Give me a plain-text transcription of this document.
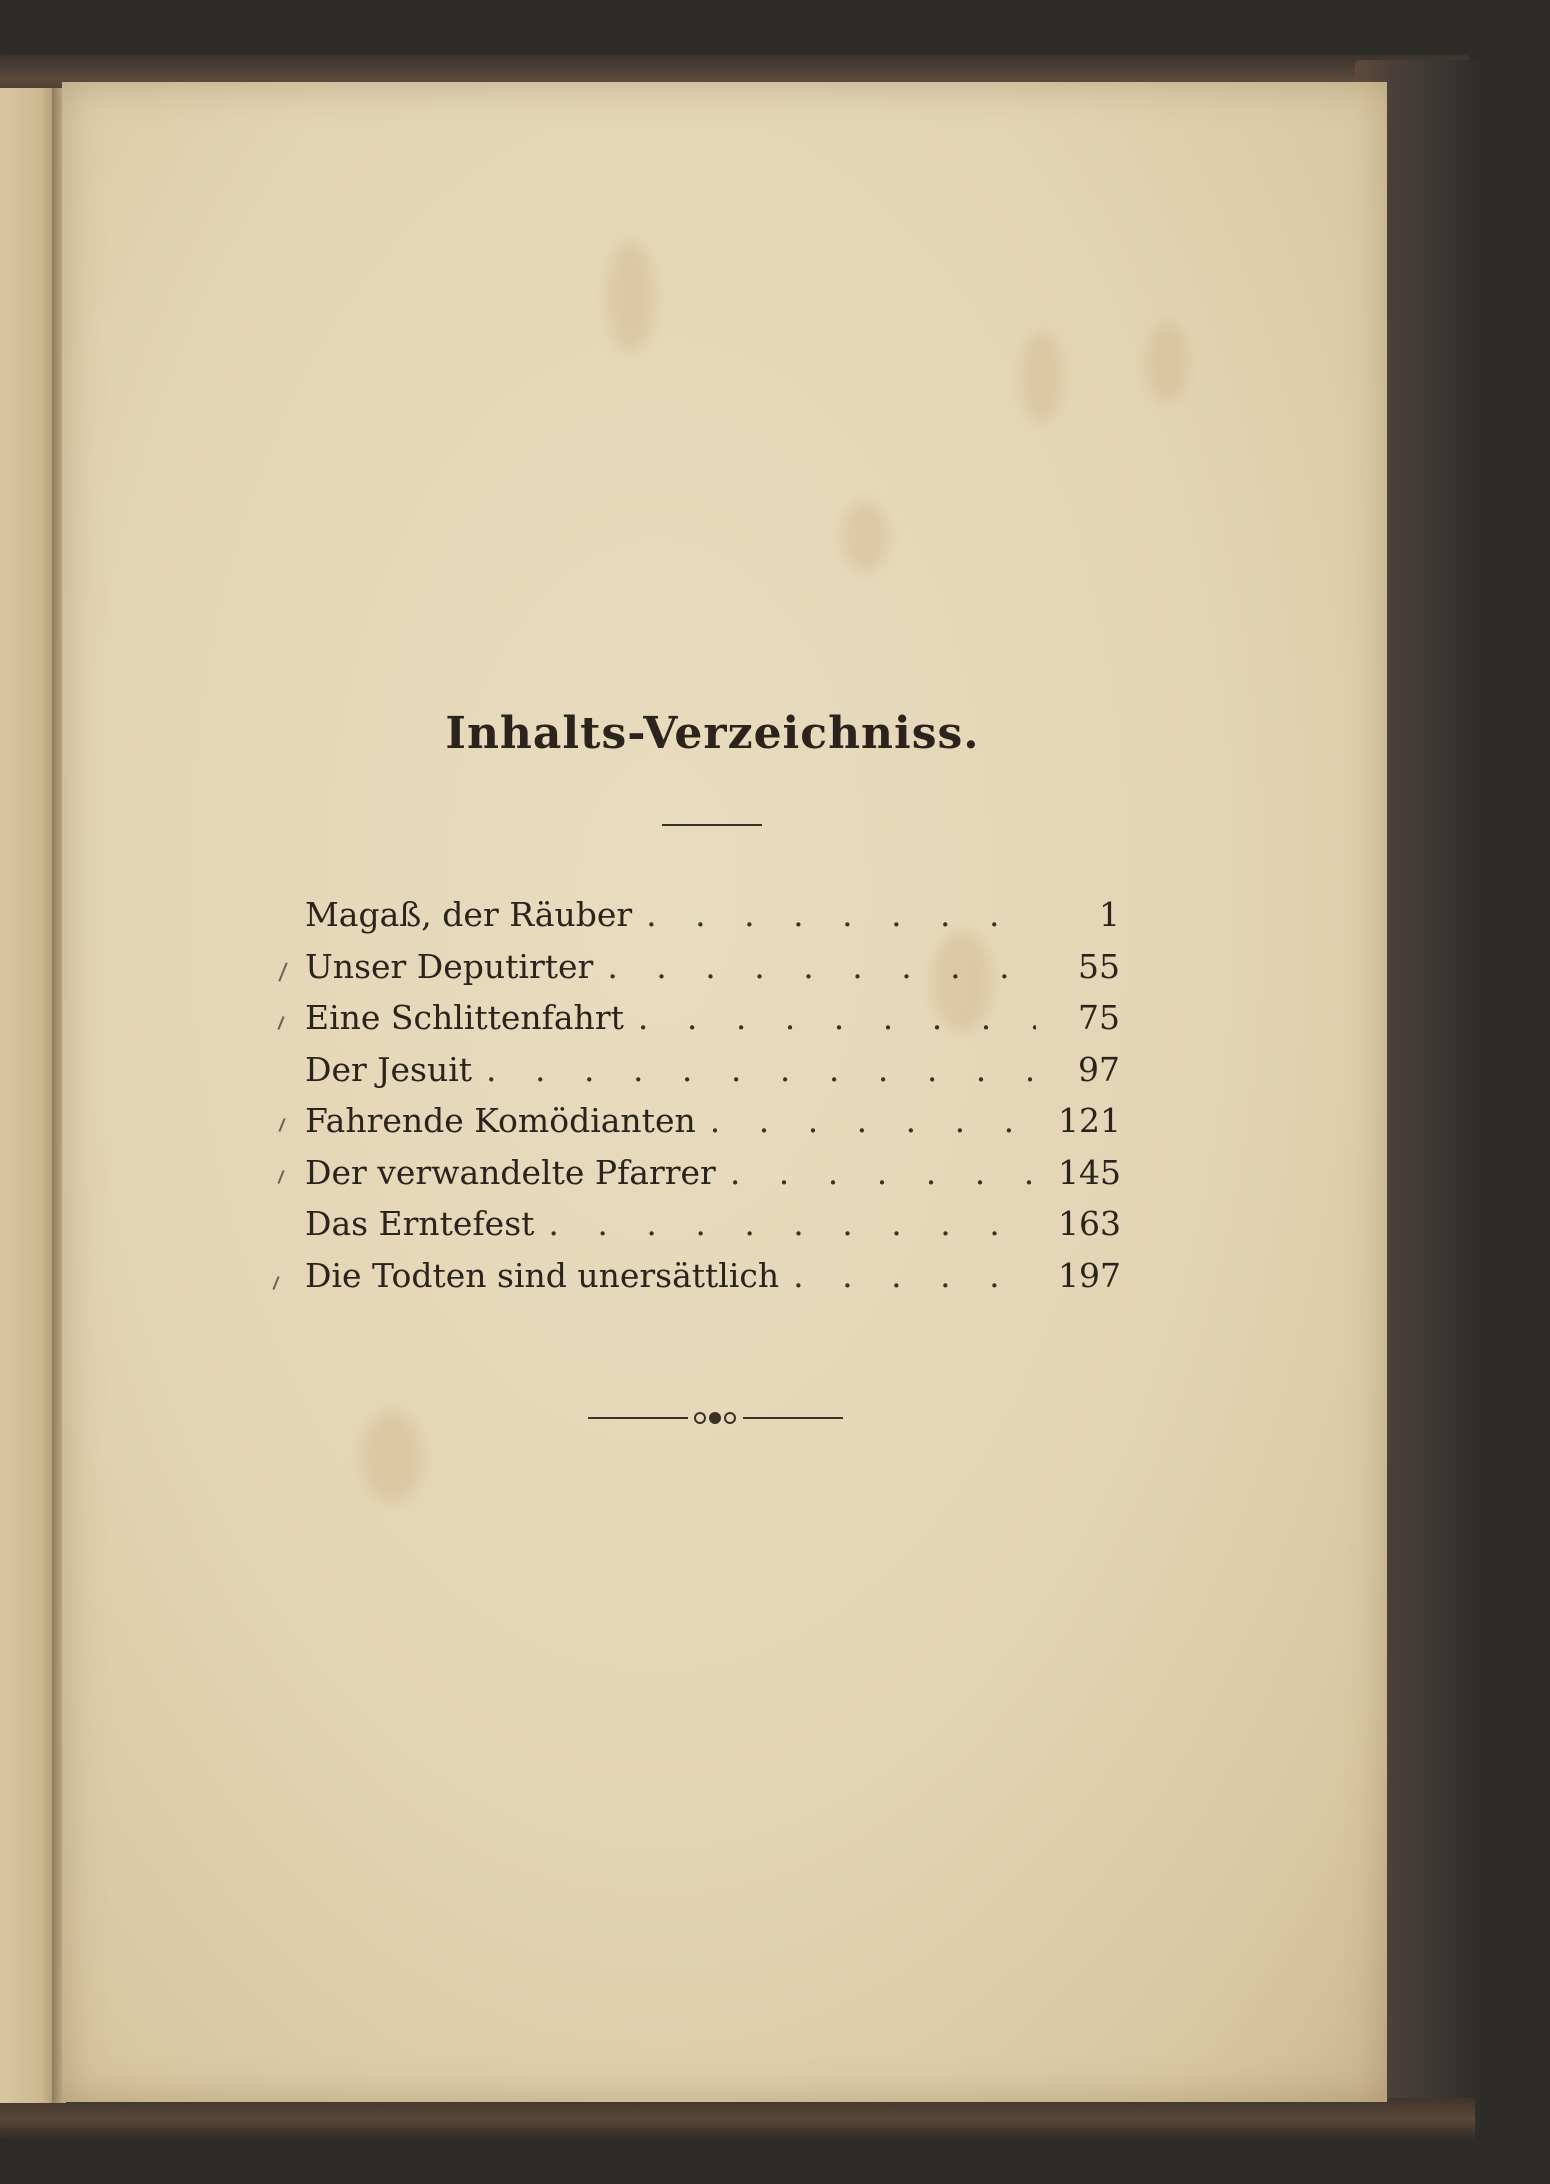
Inhalts-Verzeichniss.
Magaß, der Räuber . . .	1
Unser Deputirter . . .	55
Eine Schlittenfahrt . . .	75
Der Jesuit . . .	97
Fahrende Komödianten . . .	121
Der verwandelte Pfarrer . . .	145
Das Erntefest . . .	163
Die Todten sind unersättlich . . .	197
